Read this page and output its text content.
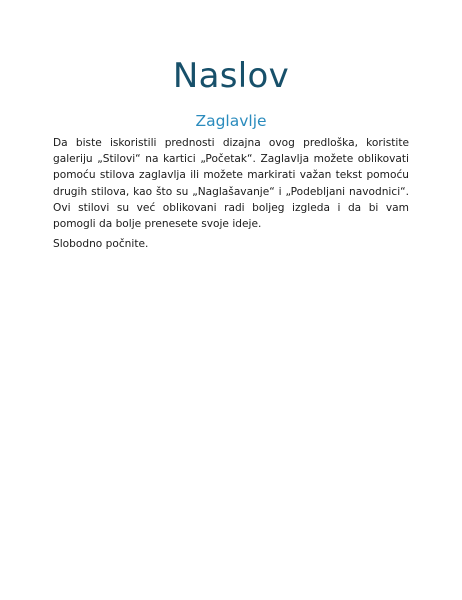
Naslov
Zaglavlje

Da biste iskoristili prednosti dizajna ovog predloška, koristite galeriju „Stilovi“ na kartici „Početak“. Zaglavlja možete oblikovati pomoću stilova zaglavlja ili možete markirati važan tekst pomoću drugih stilova, kao što su „Naglašavanje“ i „Podebljani navodnici“. Ovi stilovi su već oblikovani radi boljeg izgleda i da bi vam pomogli da bolje prenesete svoje ideje.

Slobodno počnite.
